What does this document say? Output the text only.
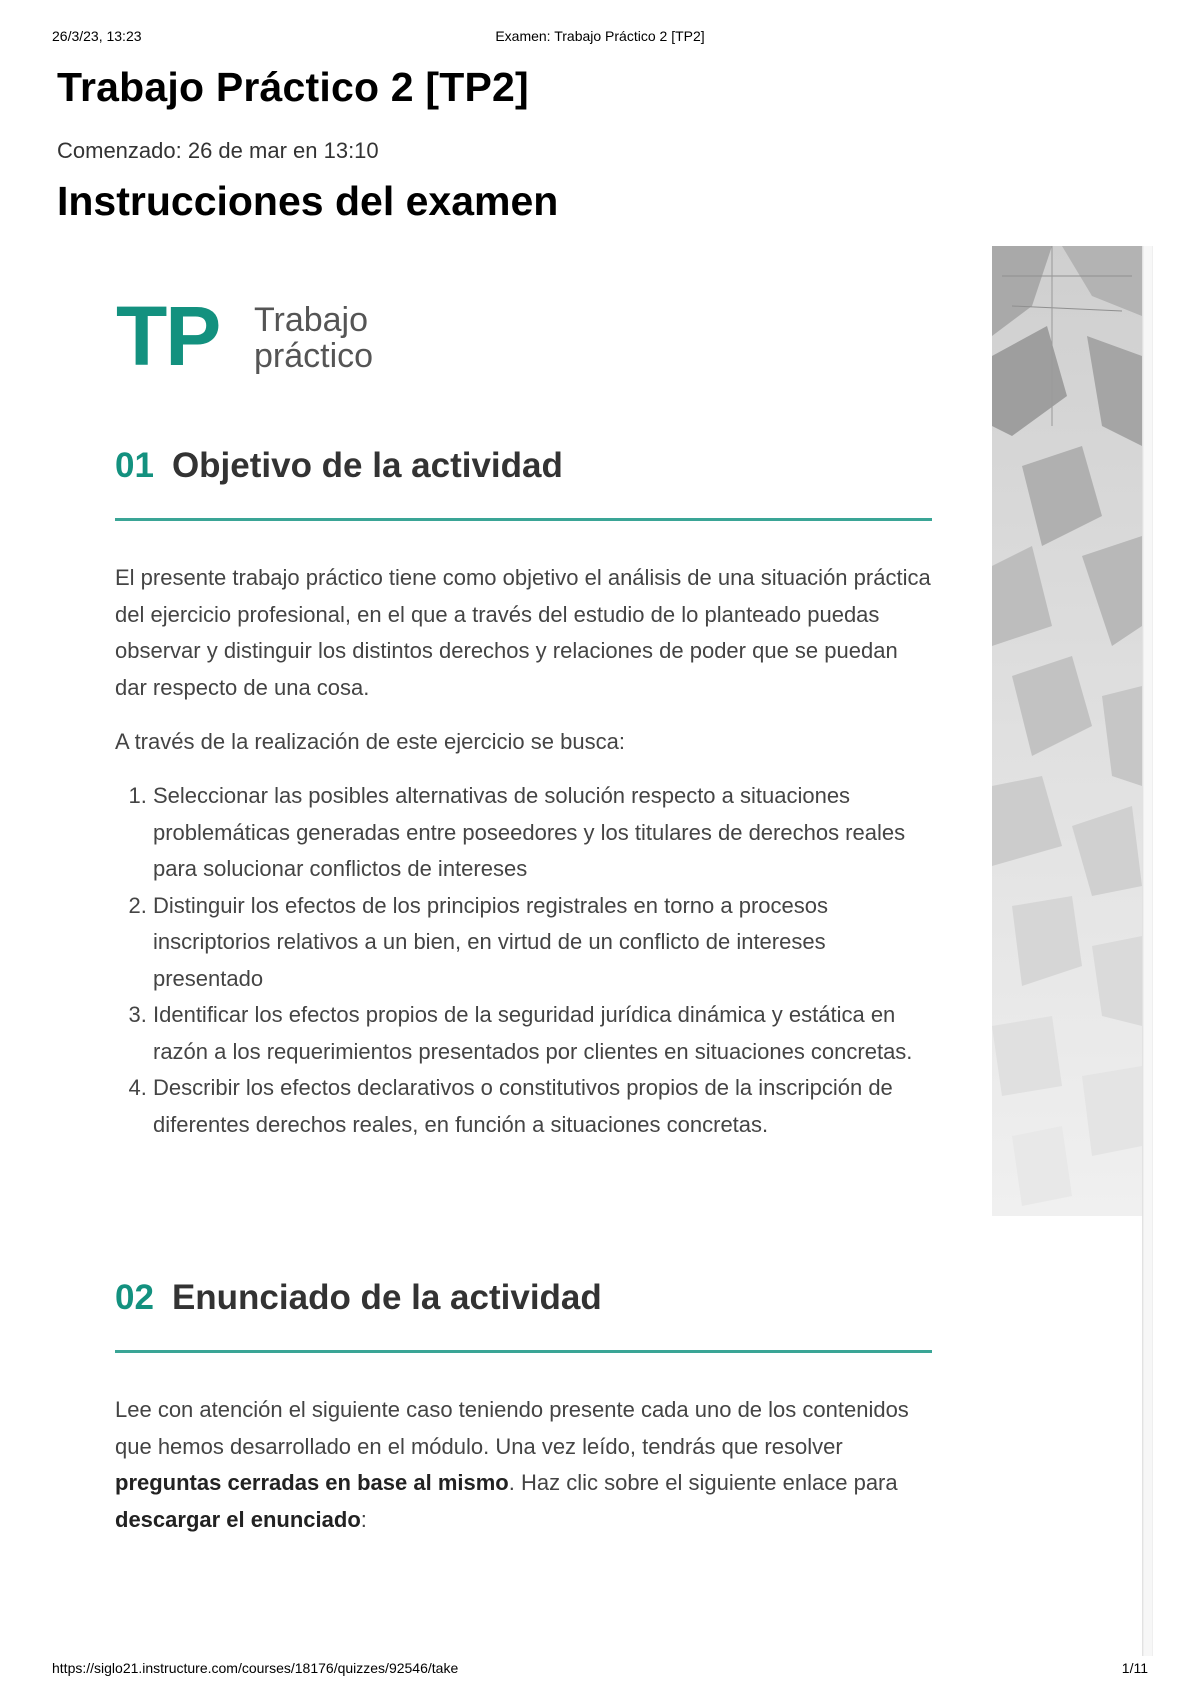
26/3/23, 13:23	Examen: Trabajo Práctico 2 [TP2]
Trabajo Práctico 2 [TP2]
Comenzado: 26 de mar en 13:10
Instrucciones del examen
TP Trabajo
práctico
01 Objetivo de la actividad

El presente trabajo práctico tiene como objetivo el análisis de una situación práctica del ejercicio profesional, en el que a través del estudio de lo planteado puedas observar y distinguir los distintos derechos y relaciones de poder que se puedan dar respecto de una cosa.

A través de la realización de este ejercicio se busca:

1. Seleccionar las posibles alternativas de solución respecto a situaciones problemáticas generadas entre poseedores y los titulares de derechos reales para solucionar conflictos de intereses
2. Distinguir los efectos de los principios registrales en torno a procesos inscriptorios relativos a un bien, en virtud de un conflicto de intereses presentado
3. Identificar los efectos propios de la seguridad jurídica dinámica y estática en razón a los requerimientos presentados por clientes en situaciones concretas.
4. Describir los efectos declarativos o constitutivos propios de la inscripción de diferentes derechos reales, en función a situaciones concretas.
02 Enunciado de la actividad

Lee con atención el siguiente caso teniendo presente cada uno de los contenidos que hemos desarrollado en el módulo. Una vez leído, tendrás que resolver preguntas cerradas en base al mismo. Haz clic sobre el siguiente enlace para descargar el enunciado:

https://siglo21.instructure.com/courses/18176/quizzes/92546/take	1/11
